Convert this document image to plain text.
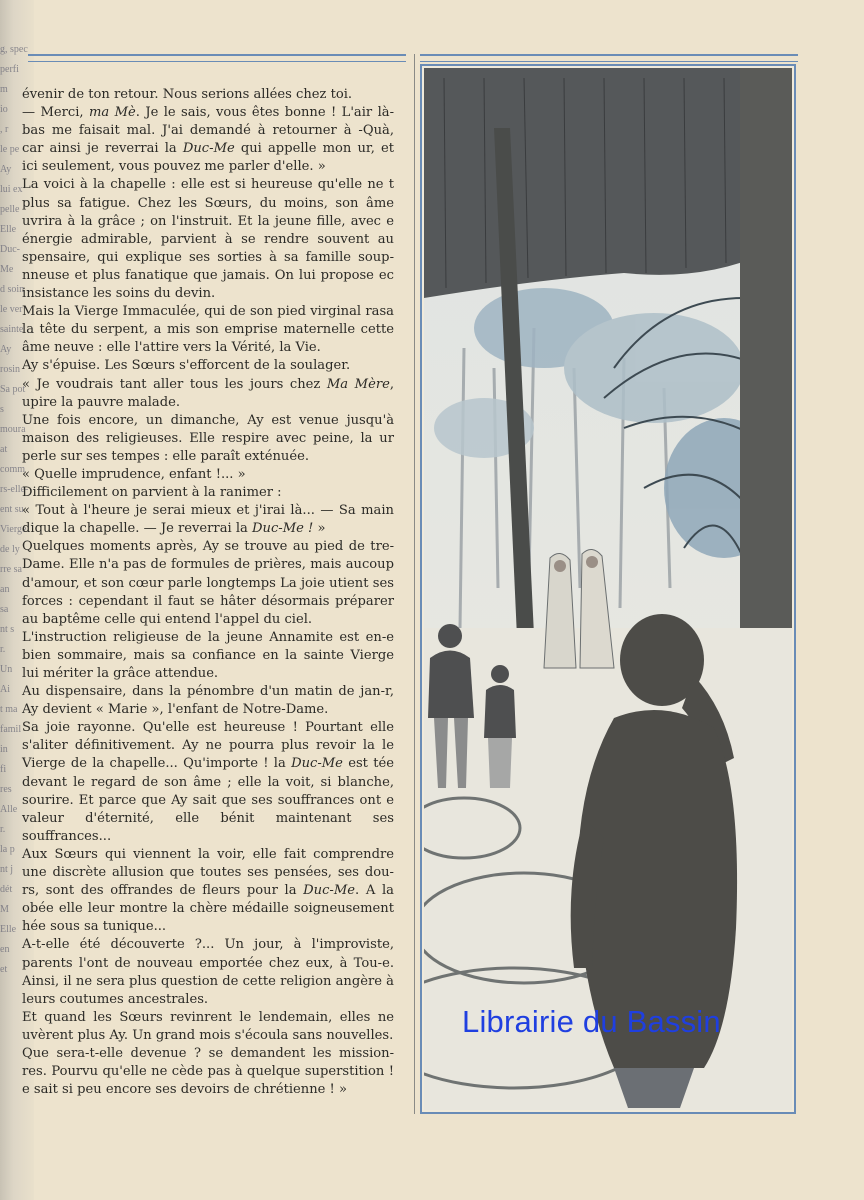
g, spec
perfi
m
io
, r
le pe
Ay
lui ex
pelle
Elle
Duc-Me
d soin
le ver
sainte
Ay
rosin
Sa pot
s
moura
at comm
rs-elle-
ent su
Vierge
de ly
rre sa
an
sa
nt s
r.
Un
Ai
t ma
famil
in
fi
res
Alle
r.
la p
nt j
dét
M
Elle
en
et

évenir de ton retour. Nous serions allées chez toi.

— Merci, ma Mè. Je le sais, vous êtes bonne ! L'air là-bas me faisait mal. J'ai demandé à retourner à -Quà, car ainsi je reverrai la Duc-Me qui appelle mon ur, et ici seulement, vous pouvez me parler d'elle. »

La voici à la chapelle : elle est si heureuse qu'elle ne t plus sa fatigue. Chez les Sœurs, du moins, son âme uvrira à la grâce ; on l'instruit. Et la jeune fille, avec e énergie admirable, parvient à se rendre souvent au spensaire, qui explique ses sorties à sa famille soup-nneuse et plus fanatique que jamais. On lui propose ec insistance les soins du devin.

Mais la Vierge Immaculée, qui de son pied virginal rasa la tête du serpent, a mis son emprise maternelle cette âme neuve : elle l'attire vers la Vérité, la Vie.

Ay s'épuise. Les Sœurs s'efforcent de la soulager.

« Je voudrais tant aller tous les jours chez Ma Mère, upire la pauvre malade.

Une fois encore, un dimanche, Ay est venue jusqu'à maison des religieuses. Elle respire avec peine, la ur perle sur ses tempes : elle paraît exténuée.

« Quelle imprudence, enfant !... »

Difficilement on parvient à la ranimer :

« Tout à l'heure je serai mieux et j'irai là... — Sa main dique la chapelle. — Je reverrai la Duc-Me ! »

Quelques moments après, Ay se trouve au pied de tre-Dame. Elle n'a pas de formules de prières, mais aucoup d'amour, et son cœur parle longtemps La joie utient ses forces : cependant il faut se hâter désormais préparer au baptême celle qui entend l'appel du ciel.

L'instruction religieuse de la jeune Annamite est en-e bien sommaire, mais sa confiance en la sainte Vierge lui mériter la grâce attendue.

Au dispensaire, dans la pénombre d'un matin de jan-r, Ay devient « Marie », l'enfant de Notre-Dame.

Sa joie rayonne. Qu'elle est heureuse ! Pourtant elle s'aliter définitivement. Ay ne pourra plus revoir la le Vierge de la chapelle... Qu'importe ! la Duc-Me est tée devant le regard de son âme ; elle la voit, si blanche, sourire. Et parce que Ay sait que ses souffrances ont e valeur d'éternité, elle bénit maintenant ses souffrances...

Aux Sœurs qui viennent la voir, elle fait comprendre une discrète allusion que toutes ses pensées, ses dou-rs, sont des offrandes de fleurs pour la Duc-Me. A la obée elle leur montre la chère médaille soigneusement hée sous sa tunique...

A-t-elle été découverte ?... Un jour, à l'improviste, parents l'ont de nouveau emportée chez eux, à Tou-e. Ainsi, il ne sera plus question de cette religion angère à leurs coutumes ancestrales.

Et quand les Sœurs revinrent le lendemain, elles ne uvèrent plus Ay. Un grand mois s'écoula sans nouvelles.

Que sera-t-elle devenue ? se demandent les mission-res. Pourvu qu'elle ne cède pas à quelque superstition ! e sait si peu encore ses devoirs de chrétienne ! »

Librairie du Bassin
